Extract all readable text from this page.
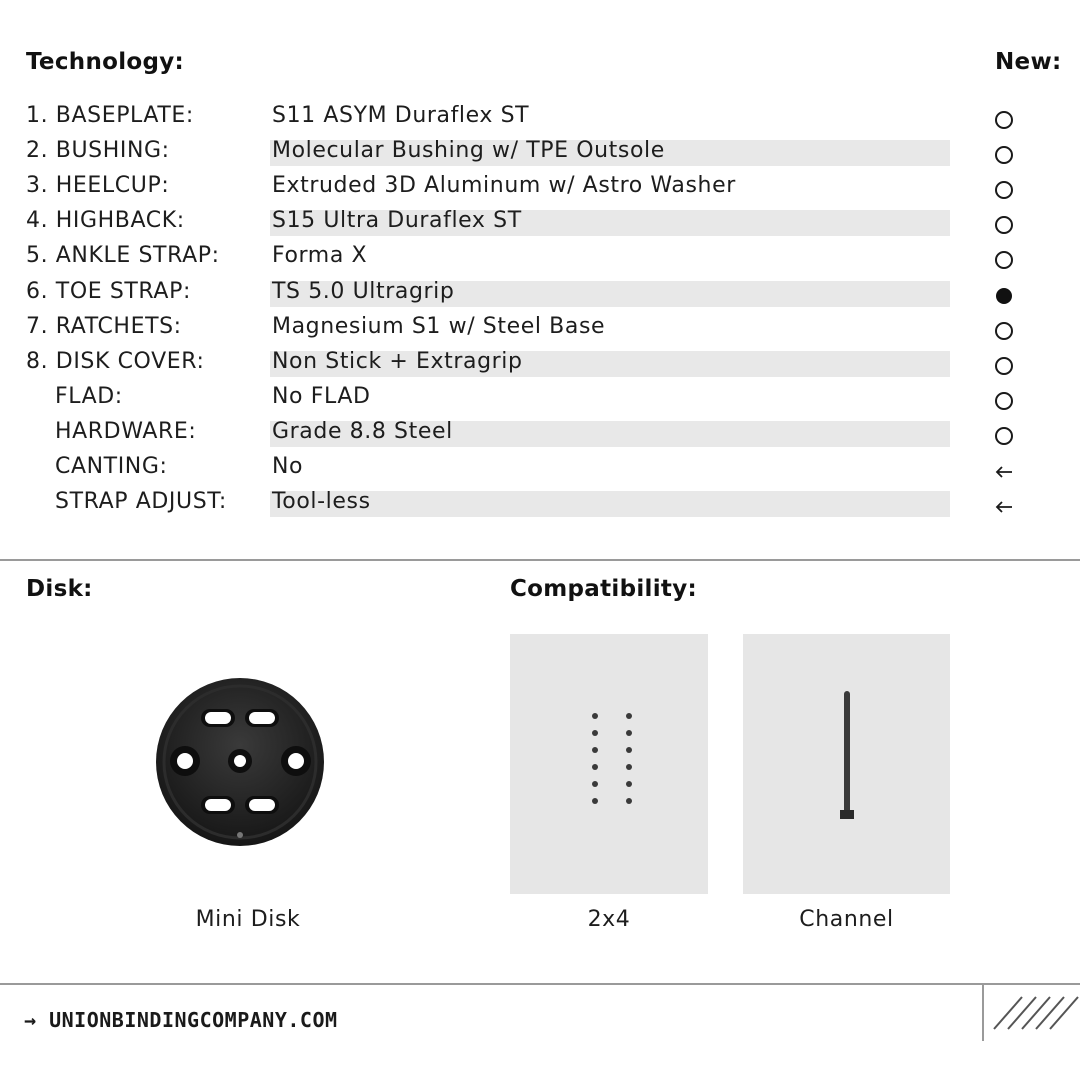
Technology:	New:
1. BASEPLATE:	S11 ASYM Duraflex ST
2. BUSHING:	Molecular Bushing w/ TPE Outsole
3. HEELCUP:	Extruded 3D Aluminum w/ Astro Washer
4. HIGHBACK:	S15 Ultra Duraflex ST
5. ANKLE STRAP: Forma X
6. TOE STRAP:	TS 5.0 Ultragrip
7. RATCHETS:	Magnesium S1 w/ Steel Base
8. DISK COVER:	Non Stick + Extragrip
FLAD:	No FLAD
HARDWARE:	Grade 8.8 Steel
CANTING:	No
STRAP ADJUST: Tool-less
Disk:
Mini Disk
Compatibility:
2x4	Channel
→ UNIONBINDINGCOMPANY.COM
